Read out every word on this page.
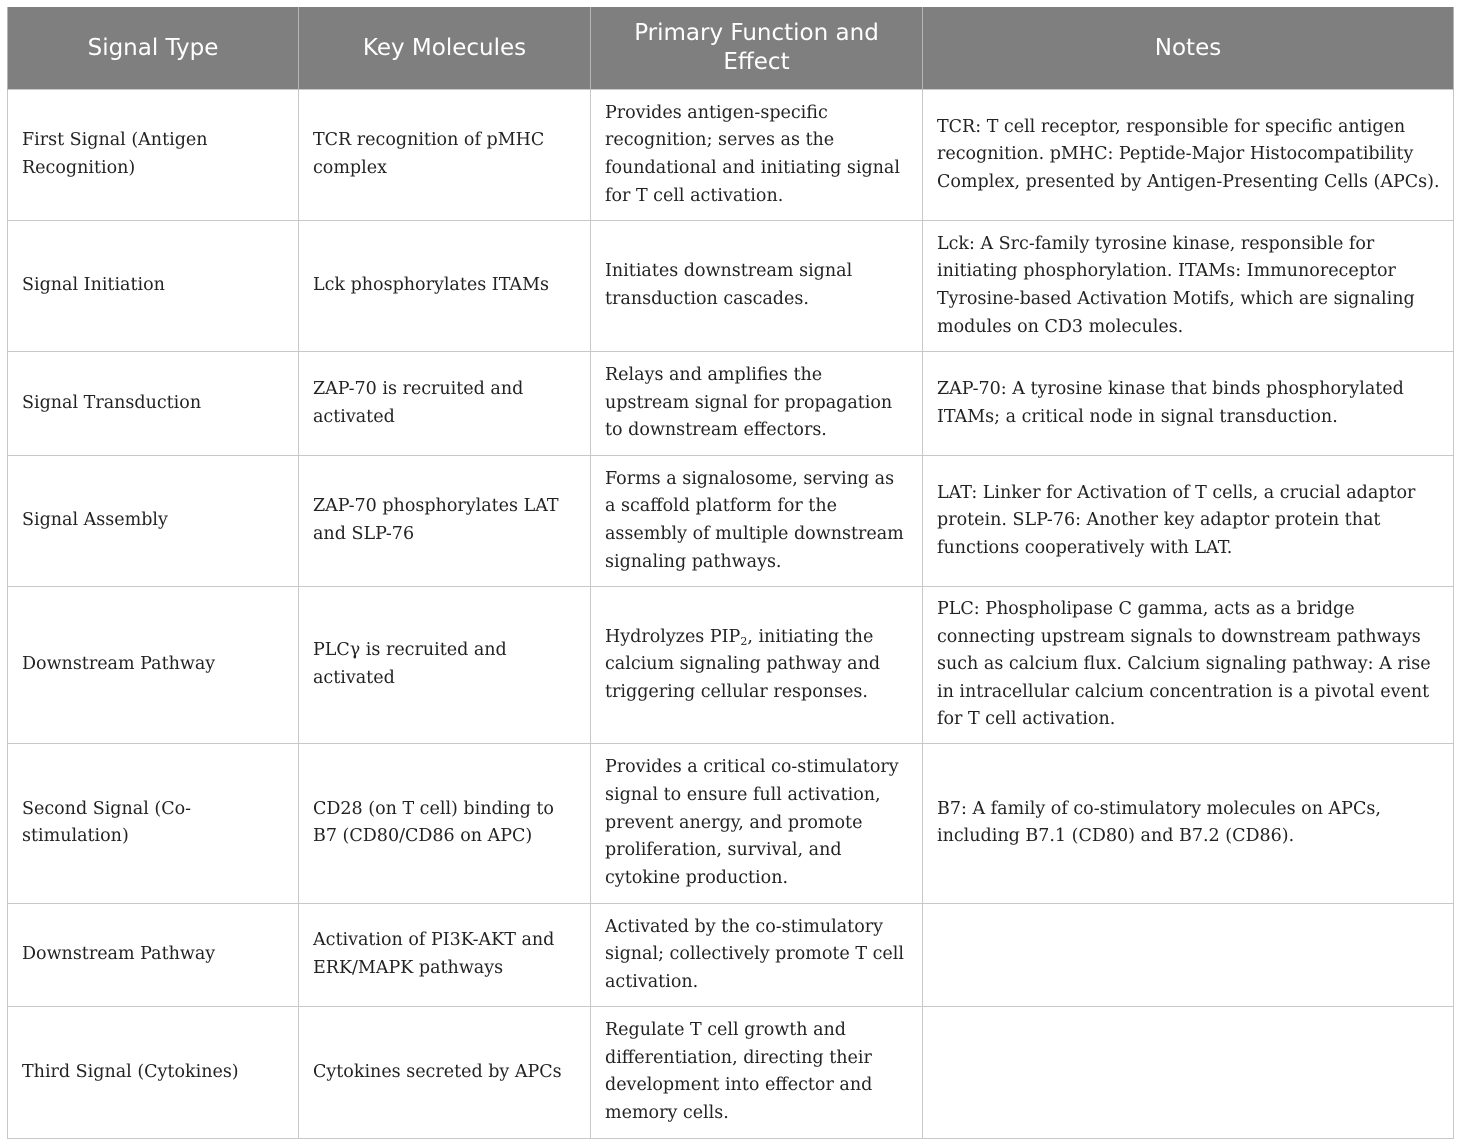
Signal Type	Key Molecules	Primary Function and Effect	Notes
First Signal (Antigen Recognition)	TCR recognition of pMHC complex	Provides antigen-specific recognition; serves as the foundational and initiating signal for T cell activation.	TCR: T cell receptor, responsible for specific antigen recognition. pMHC: Peptide-Major Histocompatibility Complex, presented by Antigen-Presenting Cells (APCs).
Signal Initiation	Lck phosphorylates ITAMs	Initiates downstream signal transduction cascades.	Lck: A Src-family tyrosine kinase, responsible for initiating phosphorylation. ITAMs: Immunoreceptor Tyrosine-based Activation Motifs, which are signaling modules on CD3 molecules.
Signal Transduction	ZAP-70 is recruited and activated	Relays and amplifies the upstream signal for propagation to downstream effectors.	ZAP-70: A tyrosine kinase that binds phosphorylated ITAMs; a critical node in signal transduction.
Signal Assembly	ZAP-70 phosphorylates LAT and SLP-76	Forms a signalosome, serving as a scaffold platform for the assembly of multiple downstream signaling pathways.	LAT: Linker for Activation of T cells, a crucial adaptor protein. SLP-76: Another key adaptor protein that functions cooperatively with LAT.
Downstream Pathway	PLCγ is recruited and activated	Hydrolyzes $PIP_2$, initiating the calcium signaling pathway and triggering cellular responses.	PLC: Phospholipase C gamma, acts as a bridge connecting upstream signals to downstream pathways such as calcium flux. Calcium signaling pathway: A rise in intracellular calcium concentration is a pivotal event for T cell activation.
Second Signal (Co-stimulation)	CD28 (on T cell) binding to B7 (CD80/CD86 on APC)	Provides a critical co-stimulatory signal to ensure full activation, prevent anergy, and promote proliferation, survival, and cytokine production.	B7: A family of co-stimulatory molecules on APCs, including B7.1 (CD80) and B7.2 (CD86).
Downstream Pathway	Activation of PI3K-AKT and ERK/MAPK pathways	Activated by the co-stimulatory signal; collectively promote T cell activation.	
Third Signal (Cytokines)	Cytokines secreted by APCs	Regulate T cell growth and differentiation, directing their development into effector and memory cells.	
